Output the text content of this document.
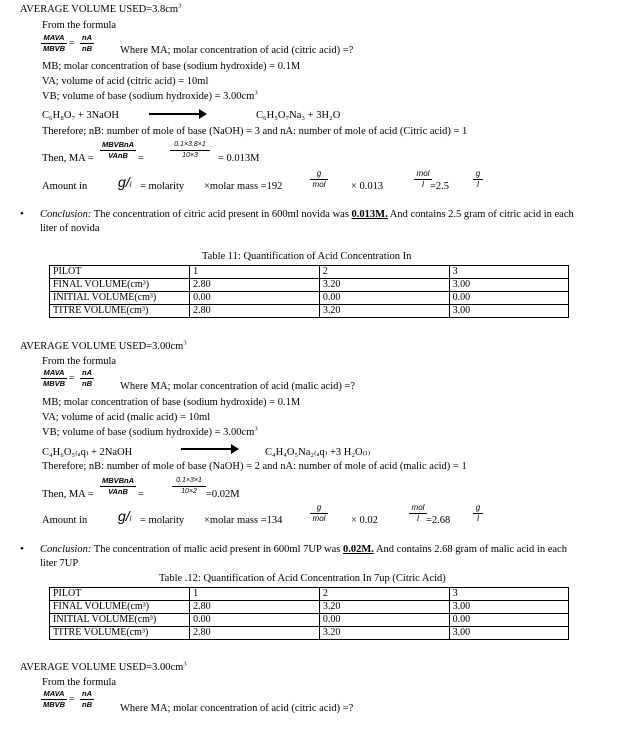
AVERAGE VOLUME $USED=3.8cm^3$
From the formula
MAVA
MBVB =
nA
nB	Where MA; molar concentration of acid (citric acid) =?
MB; molar concentration of base (sodium hydroxide) = 0.1M
VA; volume of acid (citric acid) = 10ml
VB; volume of base (sodium hydroxide) = $3.00cm^3$
C₆H₈O₇ + 3NaOH	C₆H₅O₇Na₃ + 3H₂O
Therefore; nB: number of mole of base (NaOH) = 3 and nA: number of mole of acid (Citric acid) = 1
Then, MA =
MBVBnA
VAnB =
0.1×3.8×1
10×3	= 0.013M
Amount in g/l = molarity ×molar mass =192
g
mol × 0.013
mol
l =2.5
g
l
• Conclusion: The concentration of citric acid present in 600ml novida was 0.013M. And contains 2.5 gram of citric acid in each
liter of novida
Table 11: Quantification of Acid Concentration In
PILOT	1	2	3
FINAL VOLUME(cm³)	2.80	3.20	3.00
INITIAL VOLUME(cm³)	0.00	0.00	0.00
TITRE VOLUME(cm³)	2.80	3.20	3.00
AVERAGE VOLUME $USED=3.00cm^3$
From the formula
MAVA
MBVB =
nA
nB	Where MA; molar concentration of acid (malic acid) =?
MB; molar concentration of base (sodium hydroxide) = 0.1M
VA; volume of acid (malic acid) = 10ml
VB; volume of base (sodium hydroxide) = $3.00cm^3$
C₄H₆O₅₍ₐq₎ + 2NaOH	C₄H₄O₅Na₂₍ₐq₎ +3 H₂O₍ₗ₎
Therefore; nB: number of mole of base (NaOH) = 2 and nA: number of mole of acid (malic acid) = 1
Then, MA =
MBVBnA
VAnB =
0.1×3×1
10×2 =0.02M
Amount in g/l = molarity ×molar mass =134
g
mol × 0.02
mol
l =2.68
g
l
• Conclusion: The concentration of malic acid present in 600ml 7UP was 0.02M. And contains 2.68 gram of malic acid in each
liter 7UP
Table .12: Quantification of Acid Concentration In 7up (Citric Acid)
PILOT	1	2	3
FINAL VOLUME(cm³)	2.80	3.20	3.00
INITIAL VOLUME(cm³)	0.00	0.00	0.00
TITRE VOLUME(cm³)	2.80	3.20	3.00
AVERAGE VOLUME $USED=3.00cm^3$
From the formula
MAVA
MBVB =
nA
nB	Where MA; molar concentration of acid (citric acid) =?
